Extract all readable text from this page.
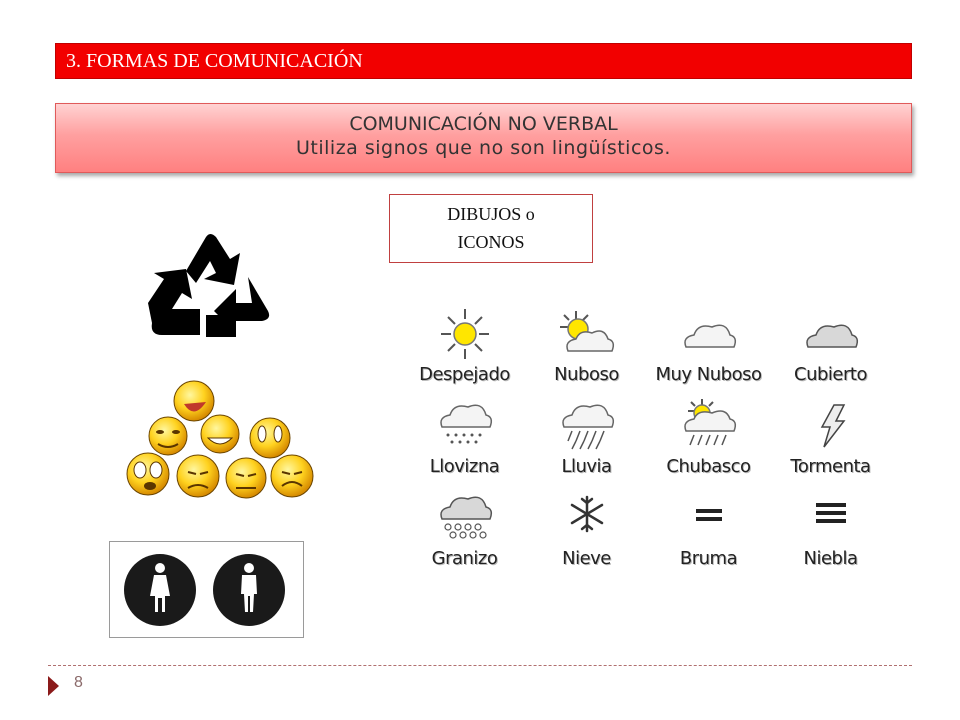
3. FORMAS DE COMUNICACIÓN
COMUNICACIÓN NO VERBAL
Utiliza signos que no son lingüísticos.
DIBUJOS o
ICONOS
Despejado	Nuboso	Muy Nuboso	Cubierto
Llovizna	Lluvia	Chubasco	Tormenta
Granizo	Nieve	Bruma	Niebla
8
